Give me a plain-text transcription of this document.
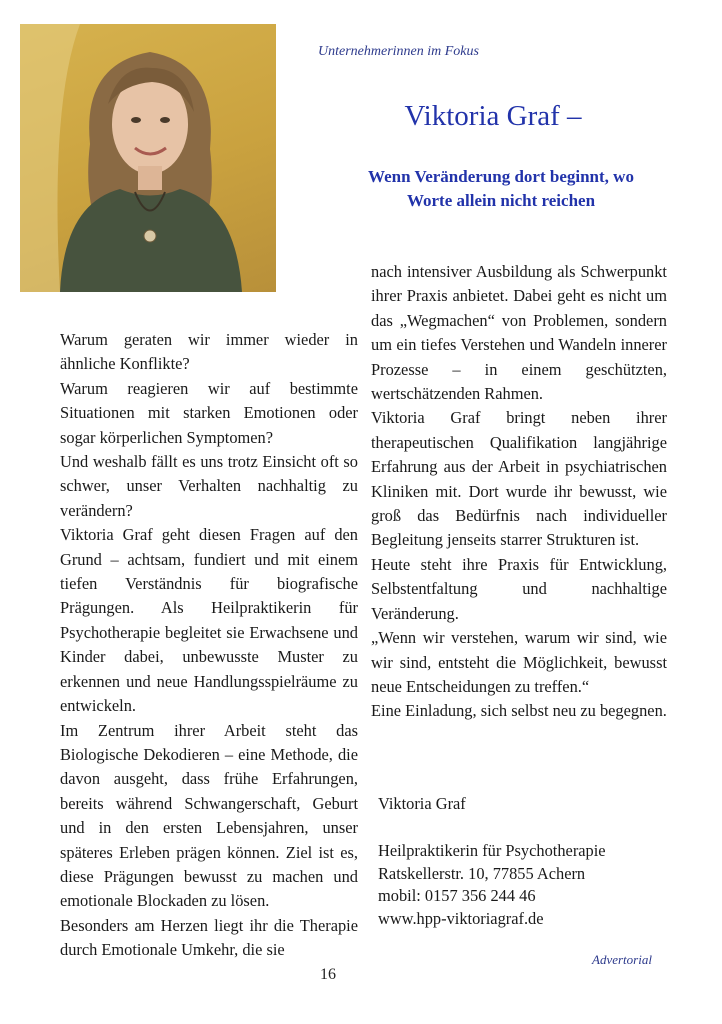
Unternehmerinnen im Fokus
Viktoria Graf –
Wenn Veränderung dort beginnt, wo
Worte allein nicht reichen

Warum geraten wir immer wieder in ähnliche Konflikte?

Warum reagieren wir auf bestimmte Situationen mit starken Emotionen oder sogar körperlichen Symptomen?

Und weshalb fällt es uns trotz Einsicht oft so schwer, unser Verhalten nachhaltig zu verändern?

Viktoria Graf geht diesen Fragen auf den Grund – achtsam, fundiert und mit einem tiefen Verständnis für biografische Prägungen. Als Heilpraktikerin für Psychotherapie begleitet sie Erwachsene und Kinder dabei, unbewusste Muster zu erkennen und neue Handlungsspielräume zu entwickeln.

Im Zentrum ihrer Arbeit steht das Biologische Dekodieren – eine Methode, die davon ausgeht, dass frühe Erfahrungen, bereits während Schwangerschaft, Geburt und in den ersten Lebensjahren, unser späteres Erleben prägen können. Ziel ist es, diese Prägungen bewusst zu machen und emotionale Blockaden zu lösen.

Besonders am Herzen liegt ihr die Therapie durch Emotionale Umkehr, die sie

nach intensiver Ausbildung als Schwerpunkt ihrer Praxis anbietet. Dabei geht es nicht um das „Wegmachen“ von Problemen, sondern um ein tiefes Verstehen und Wandeln innerer Prozesse – in einem geschützten, wertschätzenden Rahmen.

Viktoria Graf bringt neben ihrer therapeutischen Qualifikation langjährige Erfahrung aus der Arbeit in psychiatrischen Kliniken mit. Dort wurde ihr bewusst, wie groß das Bedürfnis nach individueller Begleitung jenseits starrer Strukturen ist.

Heute steht ihre Praxis für Entwicklung, Selbstentfaltung und nachhaltige Veränderung.

„Wenn wir verstehen, warum wir sind, wie wir sind, entsteht die Möglichkeit, bewusst neue Entscheidungen zu treffen.“

Eine Einladung, sich selbst neu zu begegnen.

Viktoria Graf
Heilpraktikerin für Psychotherapie
Ratskellerstr. 10, 77855 Achern
mobil: 0157 356 244 46
www.hpp-viktoriagraf.de
Advertorial
16
